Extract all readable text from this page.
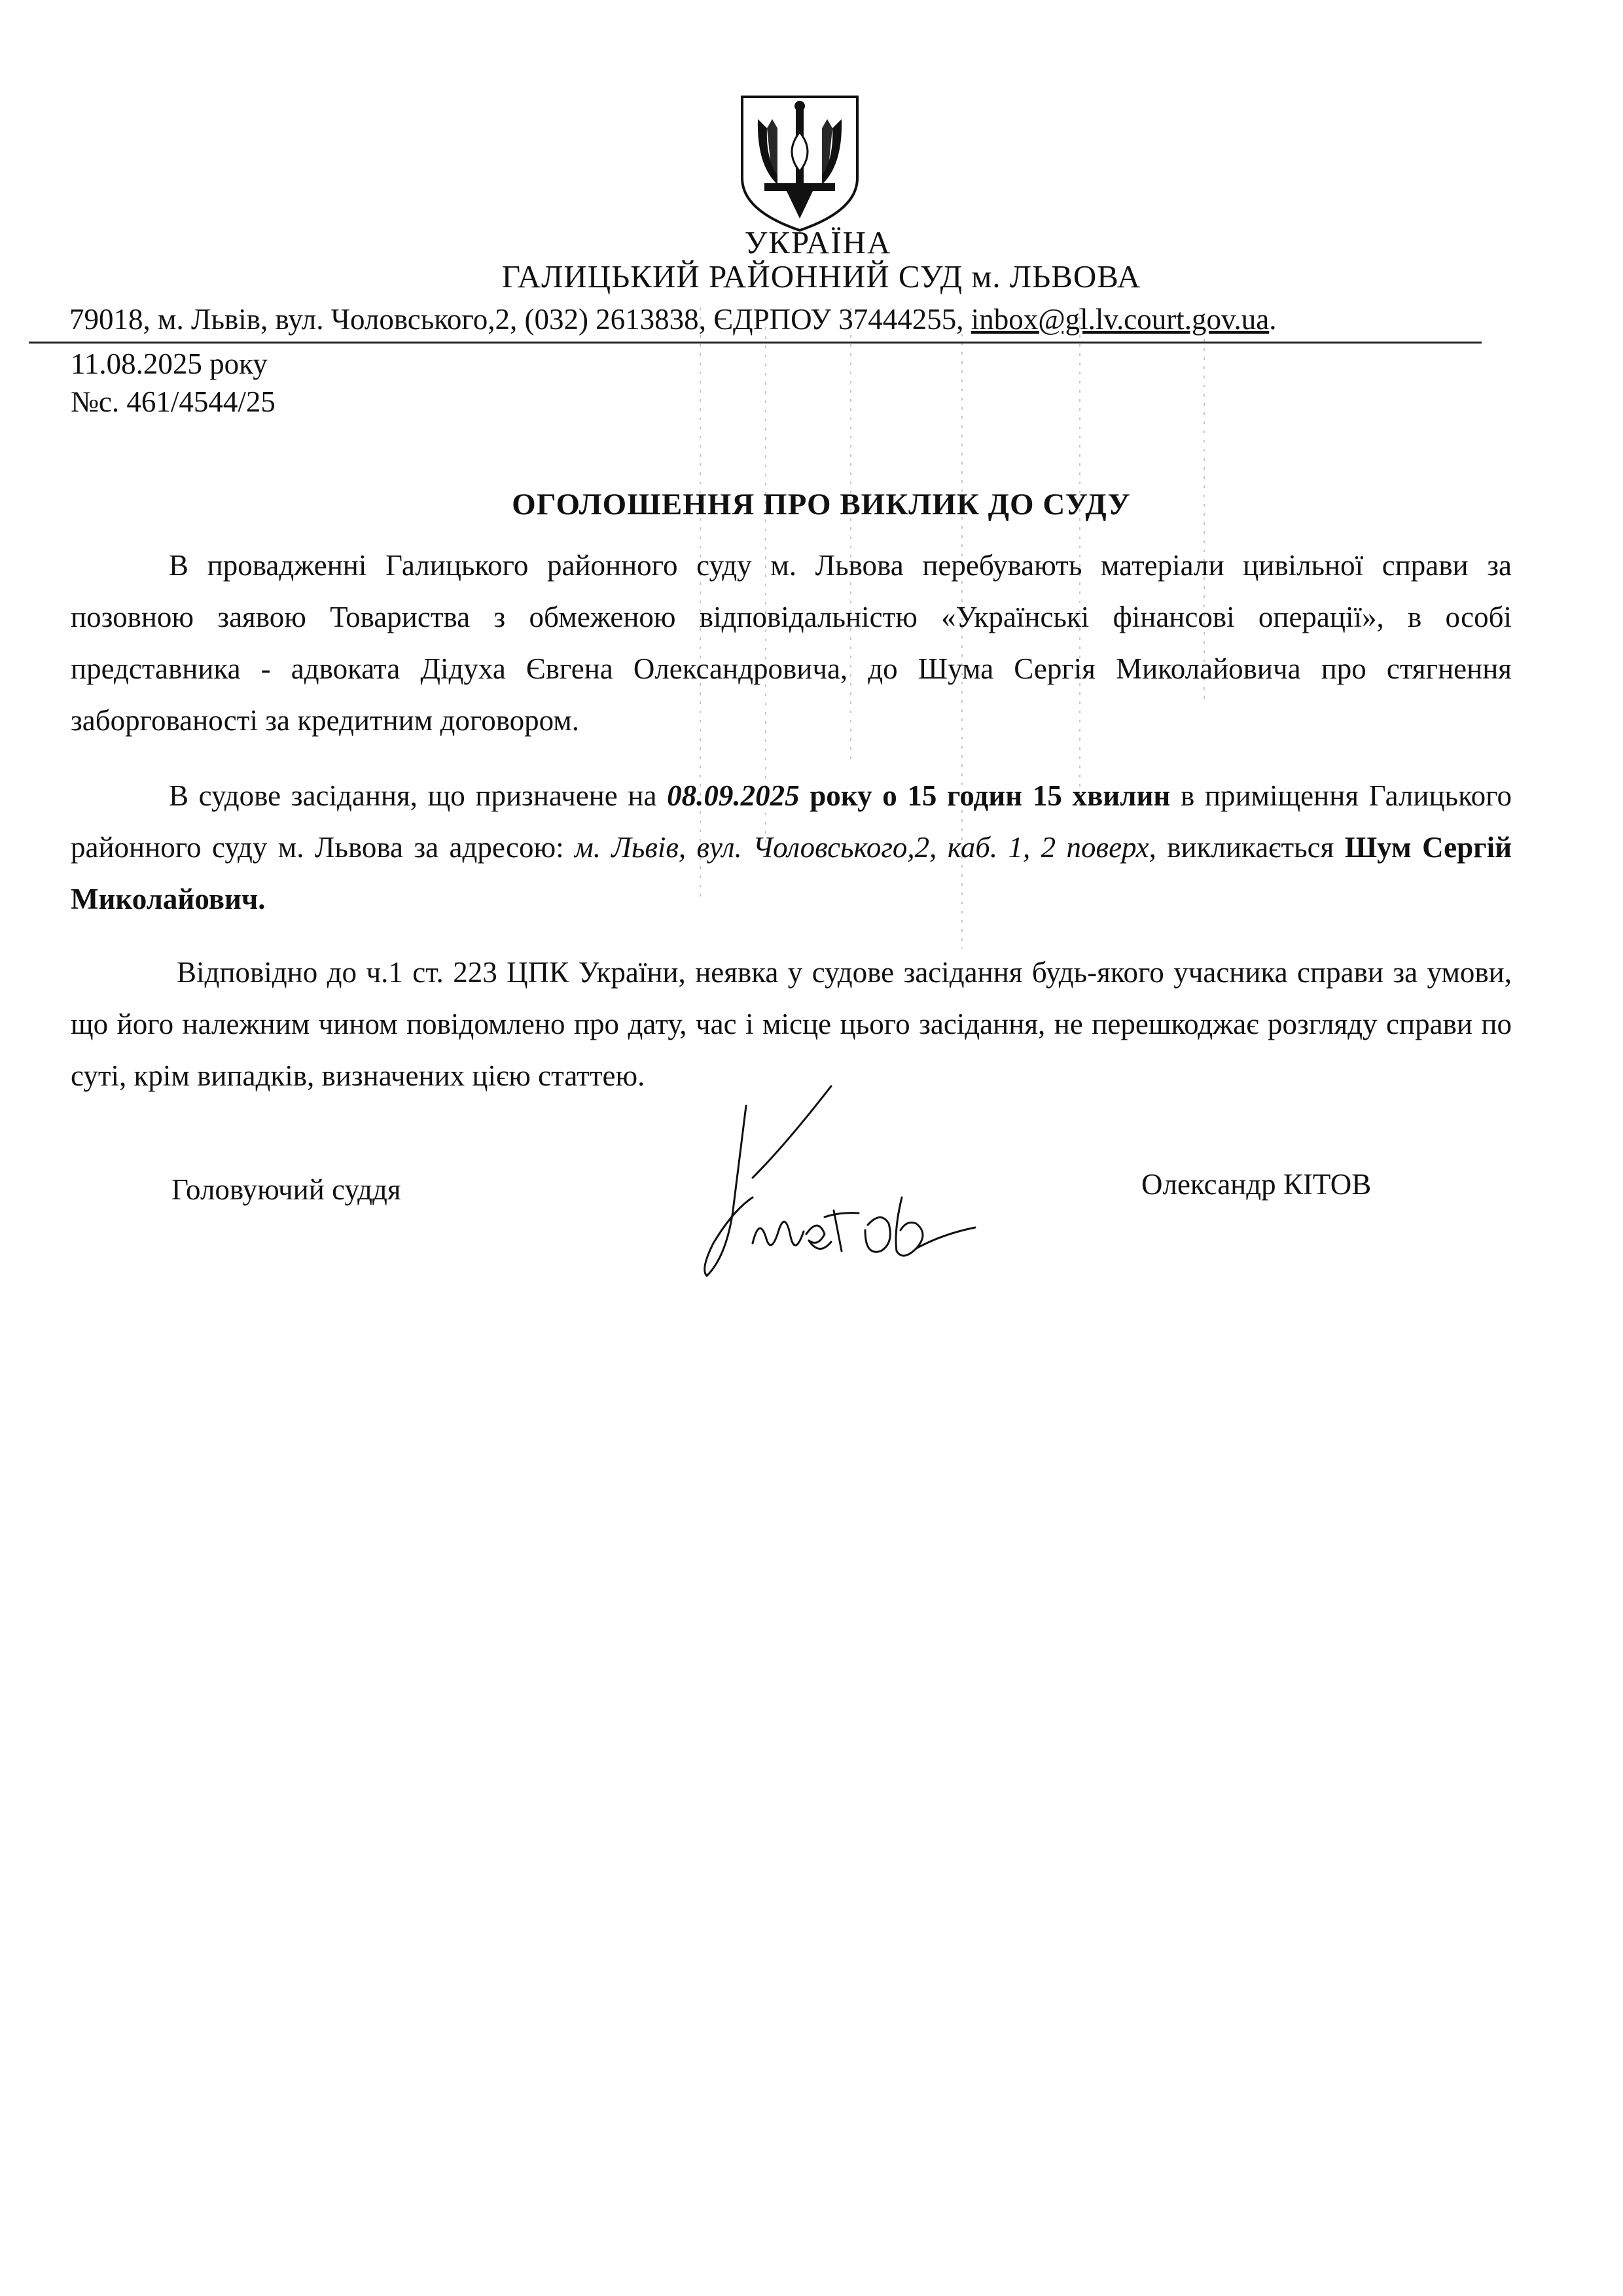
УКРАЇНА
ГАЛИЦЬКИЙ РАЙОННИЙ СУД м. ЛЬВОВА
79018, м. Львів, вул. Чоловського,2, (032) 2613838, ЄДРПОУ 37444255, inbox@gl.lv.court.gov.ua.
11.08.2025 року
№с. 461/4544/25
ОГОЛОШЕННЯ ПРО ВИКЛИК ДО СУДУ

В провадженні Галицького районного суду м. Львова перебувають матеріали цивільної справи за позовною заявою Товариства з обмеженою відповідальністю «Українські фінансові операції», в особі представника - адвоката Дідуха Євгена Олександровича, до Шума Сергія Миколайовича про стягнення заборгованості за кредитним договором.

В судове засідання, що призначене на 08.09.2025 року о 15 годин 15 хвилин в приміщення Галицького районного суду м. Львова за адресою: м. Львів, вул. Чоловського,2, каб. 1, 2 поверх, викликається Шум Сергій Миколайович.

Відповідно до ч.1 ст. 223 ЦПК України, неявка у судове засідання будь-якого учасника справи за умови, що його належним чином повідомлено про дату, час і місце цього засідання, не перешкоджає розгляду справи по суті, крім випадків, визначених цією статтею.

Головуючий суддя	Олександр КІТОВ
